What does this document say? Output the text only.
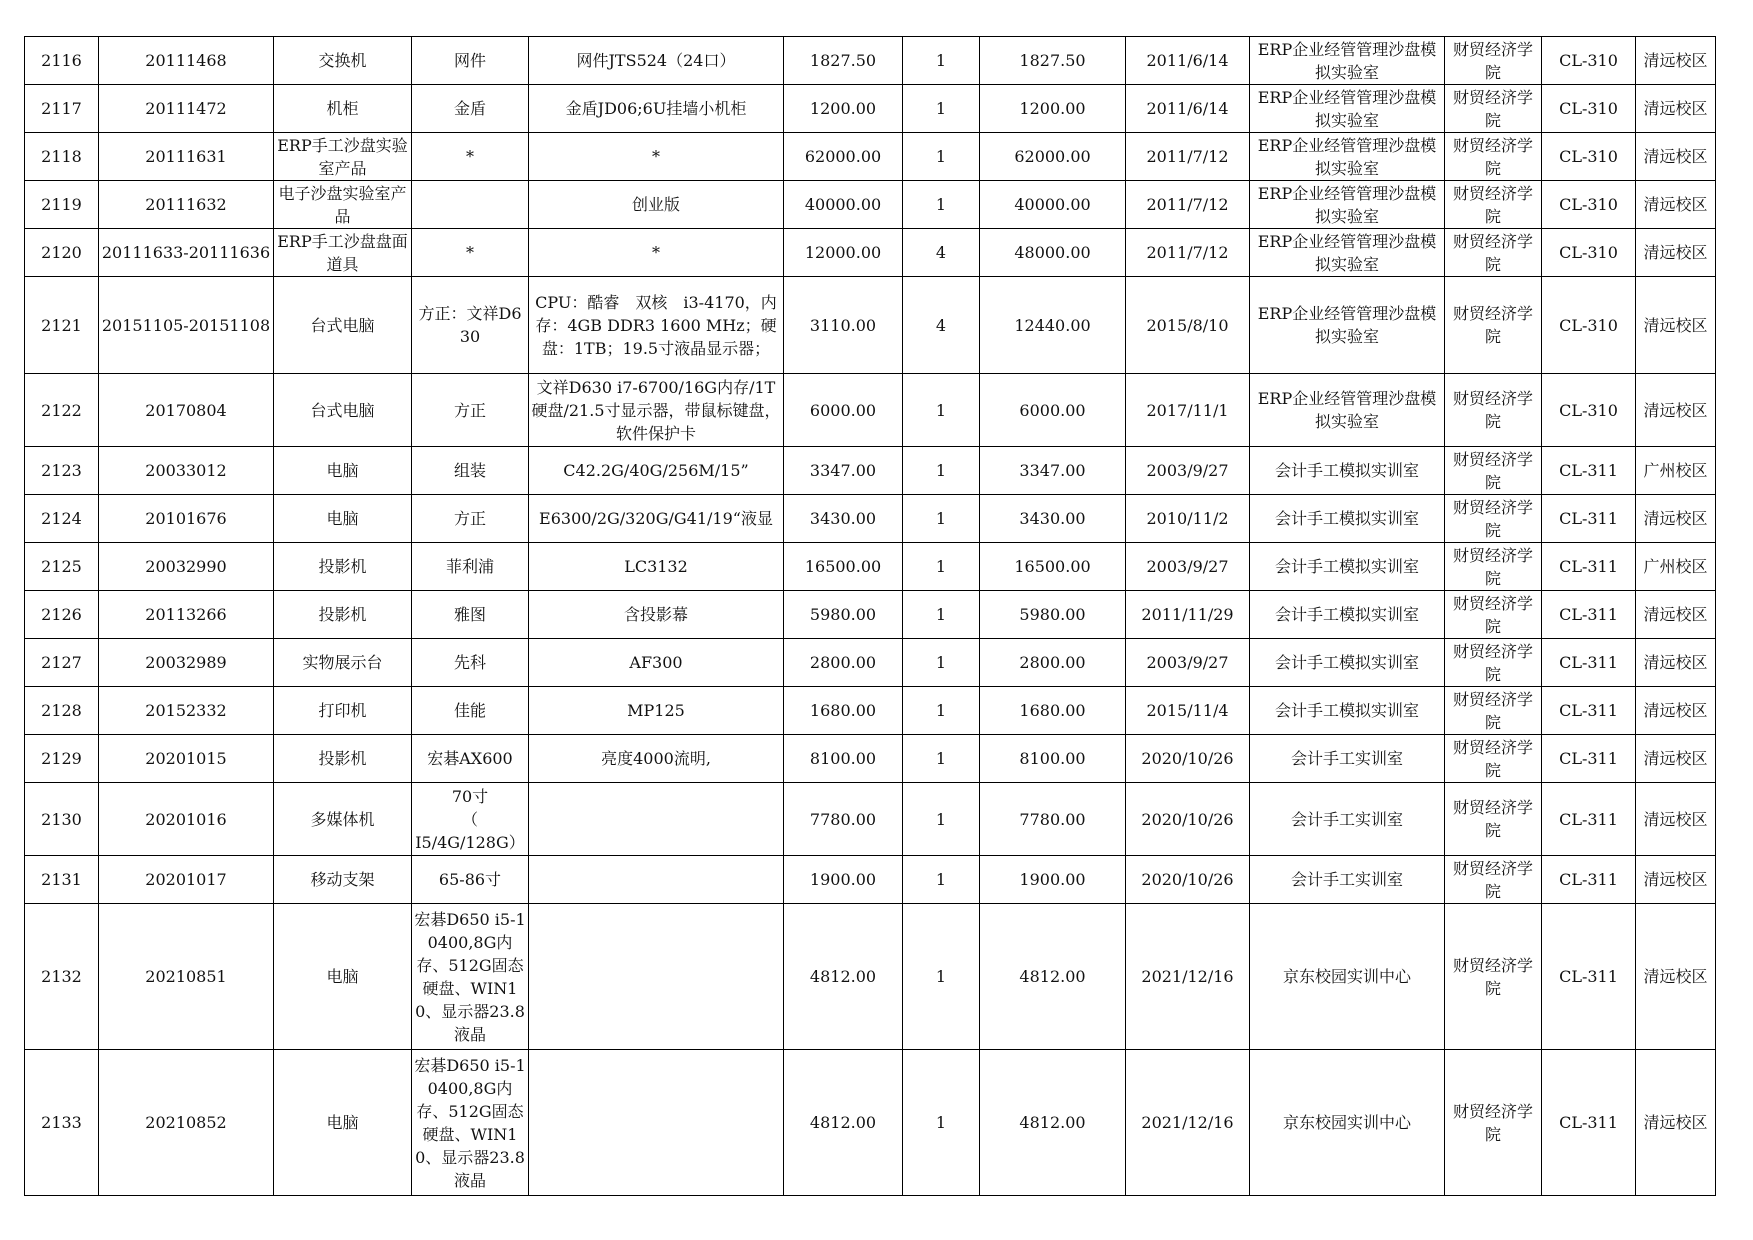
2116	20111468	交换机	网件	网件JTS524（24口）	1827.50	1	1827.50	2011/6/14	ERP企业经管管理沙盘模拟实验室	财贸经济学院	CL-310	清远校区
2117	20111472	机柜	金盾	金盾JD06;6U挂墙小机柜	1200.00	1	1200.00	2011/6/14	ERP企业经管管理沙盘模拟实验室	财贸经济学院	CL-310	清远校区
2118	20111631	ERP手工沙盘实验室产品	*	*	62000.00	1	62000.00	2011/7/12	ERP企业经管管理沙盘模拟实验室	财贸经济学院	CL-310	清远校区
2119	20111632	电子沙盘实验室产品		创业版	40000.00	1	40000.00	2011/7/12	ERP企业经管管理沙盘模拟实验室	财贸经济学院	CL-310	清远校区
2120	20111633-20111636	ERP手工沙盘盘面道具	*	*	12000.00	4	48000.00	2011/7/12	ERP企业经管管理沙盘模拟实验室	财贸经济学院	CL-310	清远校区
2121	20151105-20151108	台式电脑	方正：文祥D630	CPU：酷睿　双核　i3-4170，内存：4GB DDR3 1600 MHz；硬盘：1TB；19.5寸液晶显示器；	3110.00	4	12440.00	2015/8/10	ERP企业经管管理沙盘模拟实验室	财贸经济学院	CL-310	清远校区
2122	20170804	台式电脑	方正	文祥D630 i7-6700/16G内存/1T硬盘/21.5寸显示器，带鼠标键盘，软件保护卡	6000.00	1	6000.00	2017/11/1	ERP企业经管管理沙盘模拟实验室	财贸经济学院	CL-310	清远校区
2123	20033012	电脑	组装	C42.2G/40G/256M/15”	3347.00	1	3347.00	2003/9/27	会计手工模拟实训室	财贸经济学院	CL-311	广州校区
2124	20101676	电脑	方正	E6300/2G/320G/G41/19“液显	3430.00	1	3430.00	2010/11/2	会计手工模拟实训室	财贸经济学院	CL-311	清远校区
2125	20032990	投影机	菲利浦	LC3132	16500.00	1	16500.00	2003/9/27	会计手工模拟实训室	财贸经济学院	CL-311	广州校区
2126	20113266	投影机	雅图	含投影幕	5980.00	1	5980.00	2011/11/29	会计手工模拟实训室	财贸经济学院	CL-311	清远校区
2127	20032989	实物展示台	先科	AF300	2800.00	1	2800.00	2003/9/27	会计手工模拟实训室	财贸经济学院	CL-311	清远校区
2128	20152332	打印机	佳能	MP125	1680.00	1	1680.00	2015/11/4	会计手工模拟实训室	财贸经济学院	CL-311	清远校区
2129	20201015	投影机	宏碁AX600	亮度4000流明,	8100.00	1	8100.00	2020/10/26	会计手工实训室	财贸经济学院	CL-311	清远校区
2130	20201016	多媒体机	70寸
（
I5/4G/128G）		7780.00	1	7780.00	2020/10/26	会计手工实训室	财贸经济学院	CL-311	清远校区
2131	20201017	移动支架	65-86寸		1900.00	1	1900.00	2020/10/26	会计手工实训室	财贸经济学院	CL-311	清远校区
2132	20210851	电脑	宏碁D650 i5-10400,8G内存、512G固态硬盘、WIN10、显示器23.8液晶		4812.00	1	4812.00	2021/12/16	京东校园实训中心	财贸经济学院	CL-311	清远校区
2133	20210852	电脑	宏碁D650 i5-10400,8G内存、512G固态硬盘、WIN10、显示器23.8液晶		4812.00	1	4812.00	2021/12/16	京东校园实训中心	财贸经济学院	CL-311	清远校区
